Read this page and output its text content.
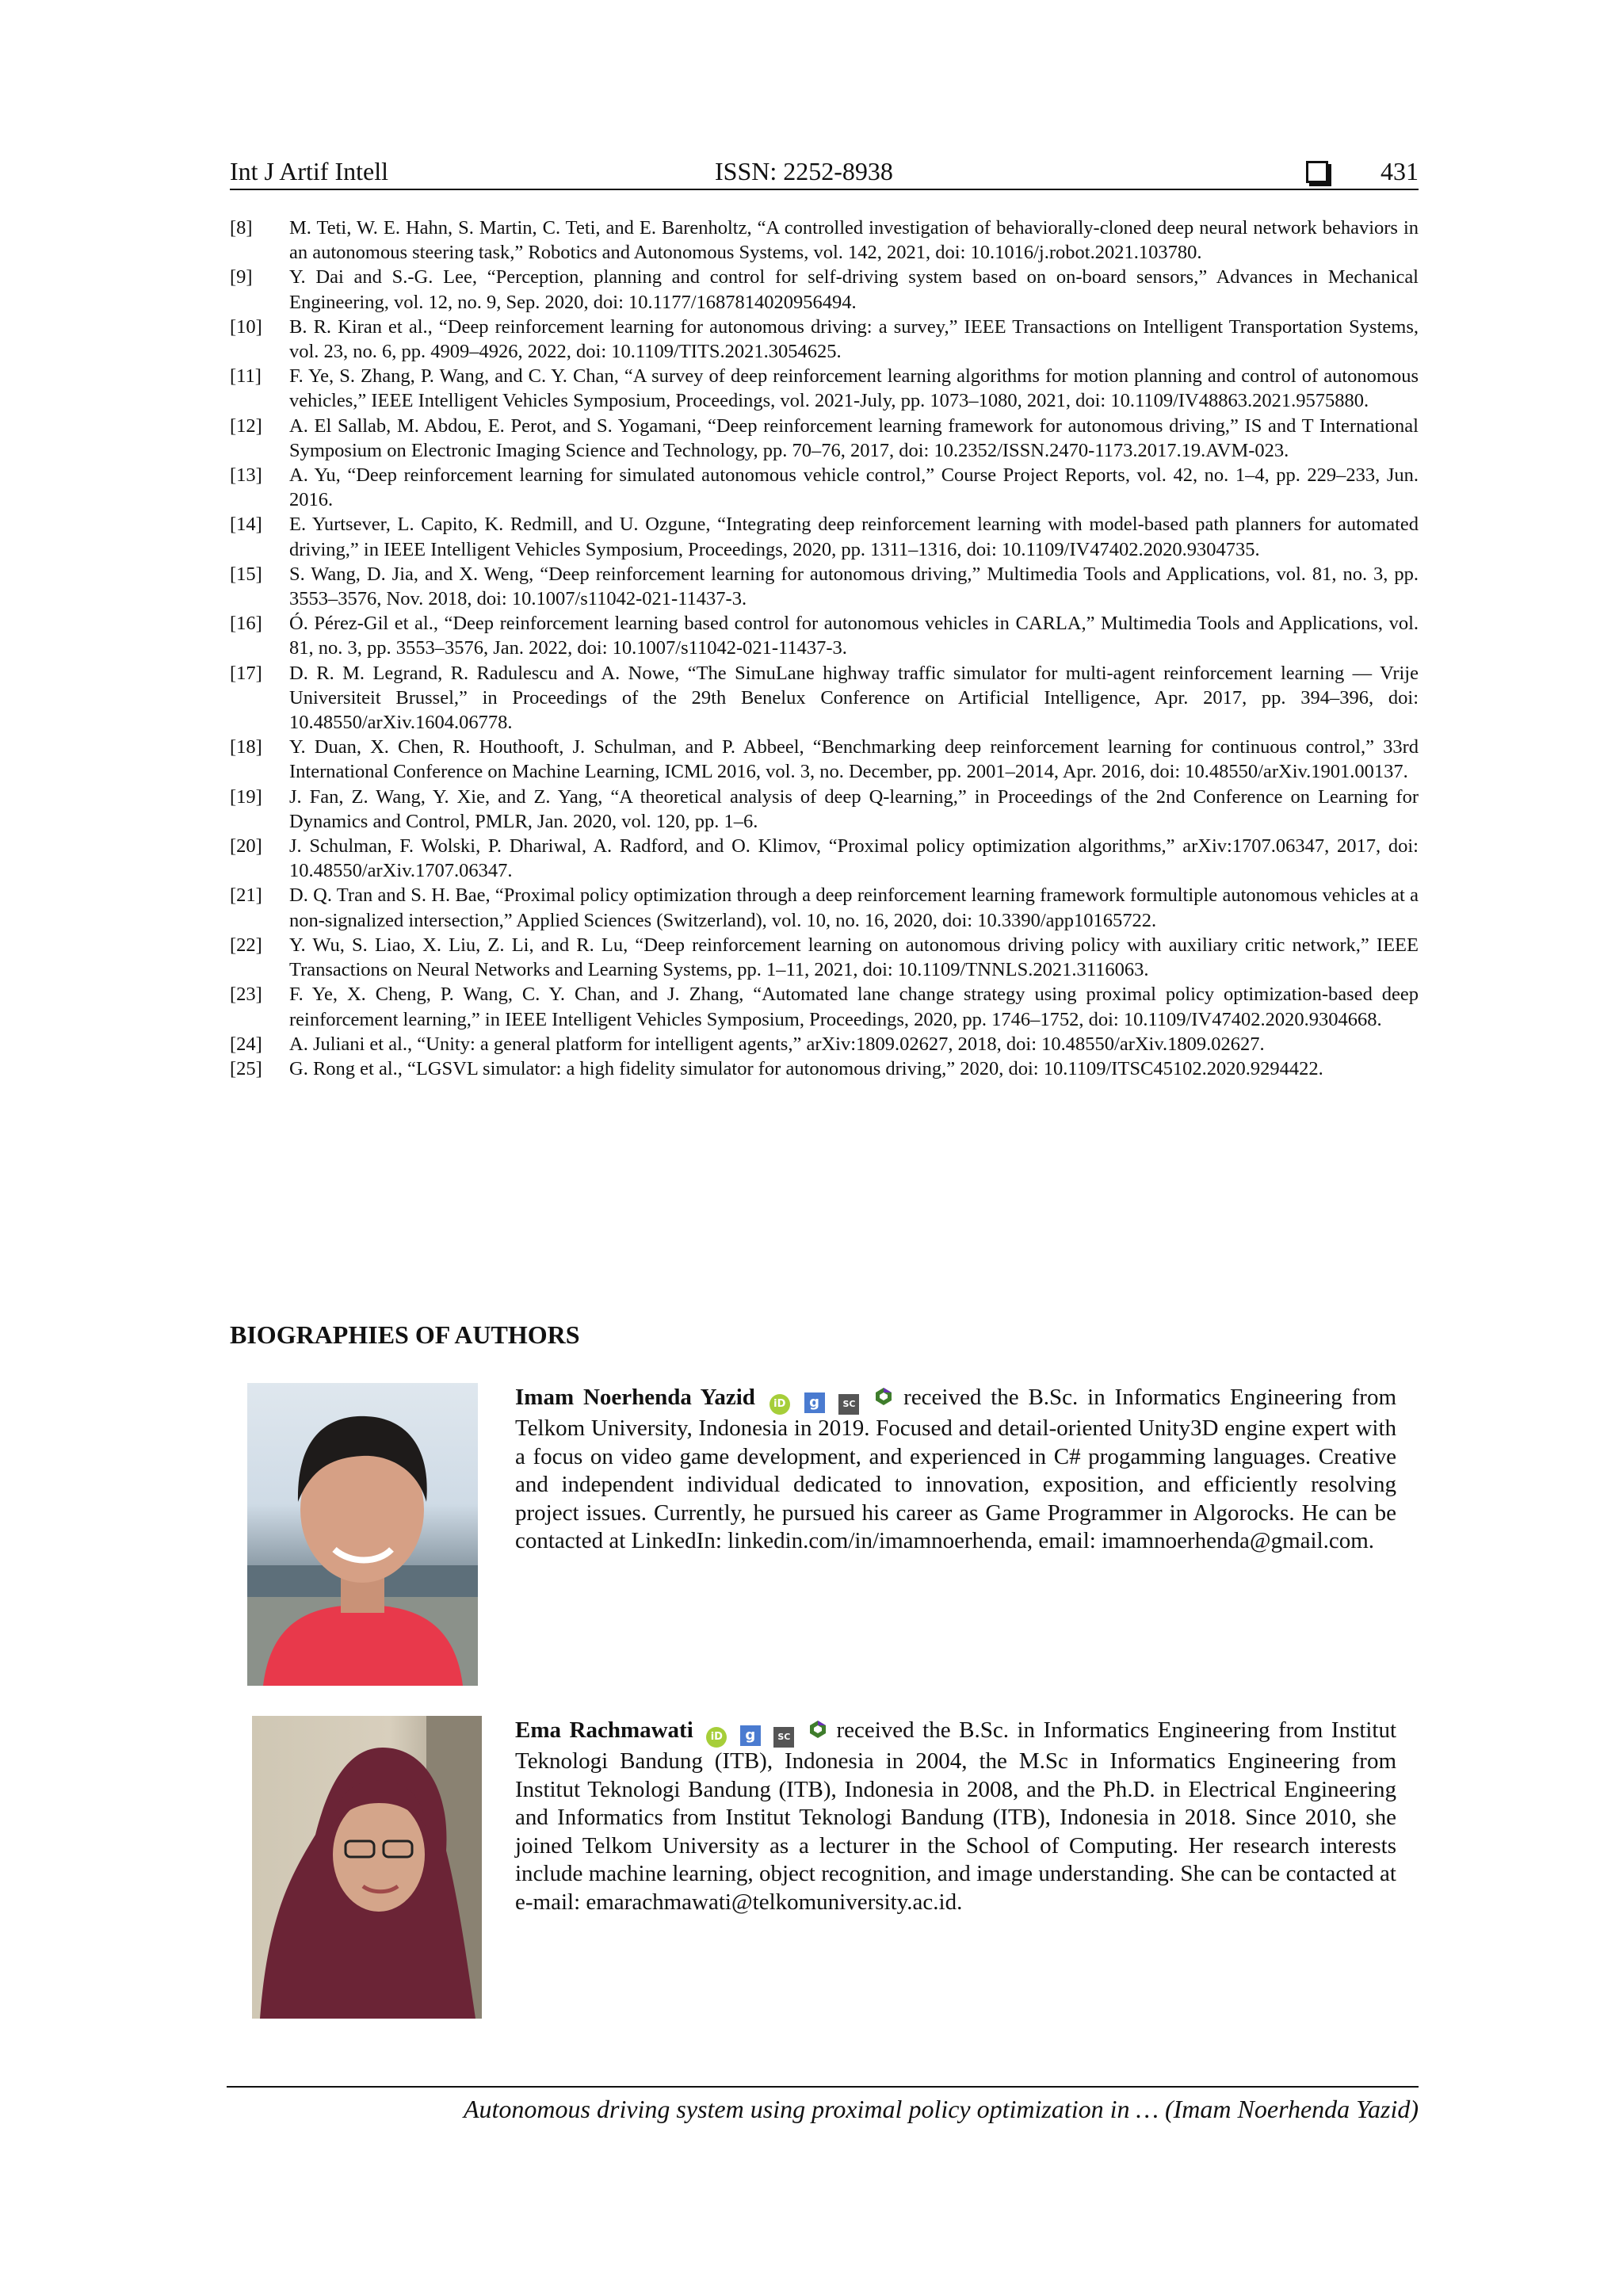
Int J Artif Intell	ISSN: 2252-8938	431
[8]	M. Teti, W. E. Hahn, S. Martin, C. Teti, and E. Barenholtz, “A controlled investigation of behaviorally-cloned deep neural network behaviors in an autonomous steering task,” Robotics and Autonomous Systems, vol. 142, 2021, doi: 10.1016/j.robot.2021.103780.
[9]	Y. Dai and S.-G. Lee, “Perception, planning and control for self-driving system based on on-board sensors,” Advances in Mechanical Engineering, vol. 12, no. 9, Sep. 2020, doi: 10.1177/1687814020956494.
[10]	B. R. Kiran et al., “Deep reinforcement learning for autonomous driving: a survey,” IEEE Transactions on Intelligent Transportation Systems, vol. 23, no. 6, pp. 4909–4926, 2022, doi: 10.1109/TITS.2021.3054625.
[11]	F. Ye, S. Zhang, P. Wang, and C. Y. Chan, “A survey of deep reinforcement learning algorithms for motion planning and control of autonomous vehicles,” IEEE Intelligent Vehicles Symposium, Proceedings, vol. 2021-July, pp. 1073–1080, 2021, doi: 10.1109/IV48863.2021.9575880.
[12]	A. El Sallab, M. Abdou, E. Perot, and S. Yogamani, “Deep reinforcement learning framework for autonomous driving,” IS and T International Symposium on Electronic Imaging Science and Technology, pp. 70–76, 2017, doi: 10.2352/ISSN.2470-1173.2017.19.AVM-023.
[13]	A. Yu, “Deep reinforcement learning for simulated autonomous vehicle control,” Course Project Reports, vol. 42, no. 1–4, pp. 229–233, Jun. 2016.
[14]	E. Yurtsever, L. Capito, K. Redmill, and U. Ozgune, “Integrating deep reinforcement learning with model-based path planners for automated driving,” in IEEE Intelligent Vehicles Symposium, Proceedings, 2020, pp. 1311–1316, doi: 10.1109/IV47402.2020.9304735.
[15]	S. Wang, D. Jia, and X. Weng, “Deep reinforcement learning for autonomous driving,” Multimedia Tools and Applications, vol. 81, no. 3, pp. 3553–3576, Nov. 2018, doi: 10.1007/s11042-021-11437-3.
[16]	Ó. Pérez-Gil et al., “Deep reinforcement learning based control for autonomous vehicles in CARLA,” Multimedia Tools and Applications, vol. 81, no. 3, pp. 3553–3576, Jan. 2022, doi: 10.1007/s11042-021-11437-3.
[17]	D. R. M. Legrand, R. Radulescu and A. Nowe, “The SimuLane highway traffic simulator for multi-agent reinforcement learning — Vrije Universiteit Brussel,” in Proceedings of the 29th Benelux Conference on Artificial Intelligence, Apr. 2017, pp. 394–396, doi: 10.48550/arXiv.1604.06778.
[18]	Y. Duan, X. Chen, R. Houthooft, J. Schulman, and P. Abbeel, “Benchmarking deep reinforcement learning for continuous control,” 33rd International Conference on Machine Learning, ICML 2016, vol. 3, no. December, pp. 2001–2014, Apr. 2016, doi: 10.48550/arXiv.1901.00137.
[19]	J. Fan, Z. Wang, Y. Xie, and Z. Yang, “A theoretical analysis of deep Q-learning,” in Proceedings of the 2nd Conference on Learning for Dynamics and Control, PMLR, Jan. 2020, vol. 120, pp. 1–6.
[20]	J. Schulman, F. Wolski, P. Dhariwal, A. Radford, and O. Klimov, “Proximal policy optimization algorithms,” arXiv:1707.06347, 2017, doi: 10.48550/arXiv.1707.06347.
[21]	D. Q. Tran and S. H. Bae, “Proximal policy optimization through a deep reinforcement learning framework formultiple autonomous vehicles at a non-signalized intersection,” Applied Sciences (Switzerland), vol. 10, no. 16, 2020, doi: 10.3390/app10165722.
[22]	Y. Wu, S. Liao, X. Liu, Z. Li, and R. Lu, “Deep reinforcement learning on autonomous driving policy with auxiliary critic network,” IEEE Transactions on Neural Networks and Learning Systems, pp. 1–11, 2021, doi: 10.1109/TNNLS.2021.3116063.
[23]	F. Ye, X. Cheng, P. Wang, C. Y. Chan, and J. Zhang, “Automated lane change strategy using proximal policy optimization-based deep reinforcement learning,” in IEEE Intelligent Vehicles Symposium, Proceedings, 2020, pp. 1746–1752, doi: 10.1109/IV47402.2020.9304668.
[24]	A. Juliani et al., “Unity: a general platform for intelligent agents,” arXiv:1809.02627, 2018, doi: 10.48550/arXiv.1809.02627.
[25]	G. Rong et al., “LGSVL simulator: a high fidelity simulator for autonomous driving,” 2020, doi: 10.1109/ITSC45102.2020.9294422.
BIOGRAPHIES OF AUTHORS
Imam Noerhenda Yazid iD g	SC received the B.Sc. in Informatics Engineering from Telkom University, Indonesia in 2019. Focused and detail-oriented Unity3D engine expert with a focus on video game development, and experienced in C# progamming languages. Creative and independent individual dedicated to innovation, exposition, and efficiently resolving project issues. Currently, he pursued his career as Game Programmer in Algorocks. He can be contacted at LinkedIn: linkedin.com/in/imamnoerhenda, email: imamnoerhenda@gmail.com.
Ema Rachmawati iD g	SC received the B.Sc. in Informatics Engineering from Institut Teknologi Bandung (ITB), Indonesia in 2004, the M.Sc in Informatics Engineering from Institut Teknologi Bandung (ITB), Indonesia in 2008, and the Ph.D. in Electrical Engineering and Informatics from Institut Teknologi Bandung (ITB), Indonesia in 2018. Since 2010, she joined Telkom University as a lecturer in the School of Computing. Her research interests include machine learning, object recognition, and image understanding. She can be contacted at e-mail: emarachmawati@telkomuniversity.ac.id.
Autonomous driving system using proximal policy optimization in … (Imam Noerhenda Yazid)
